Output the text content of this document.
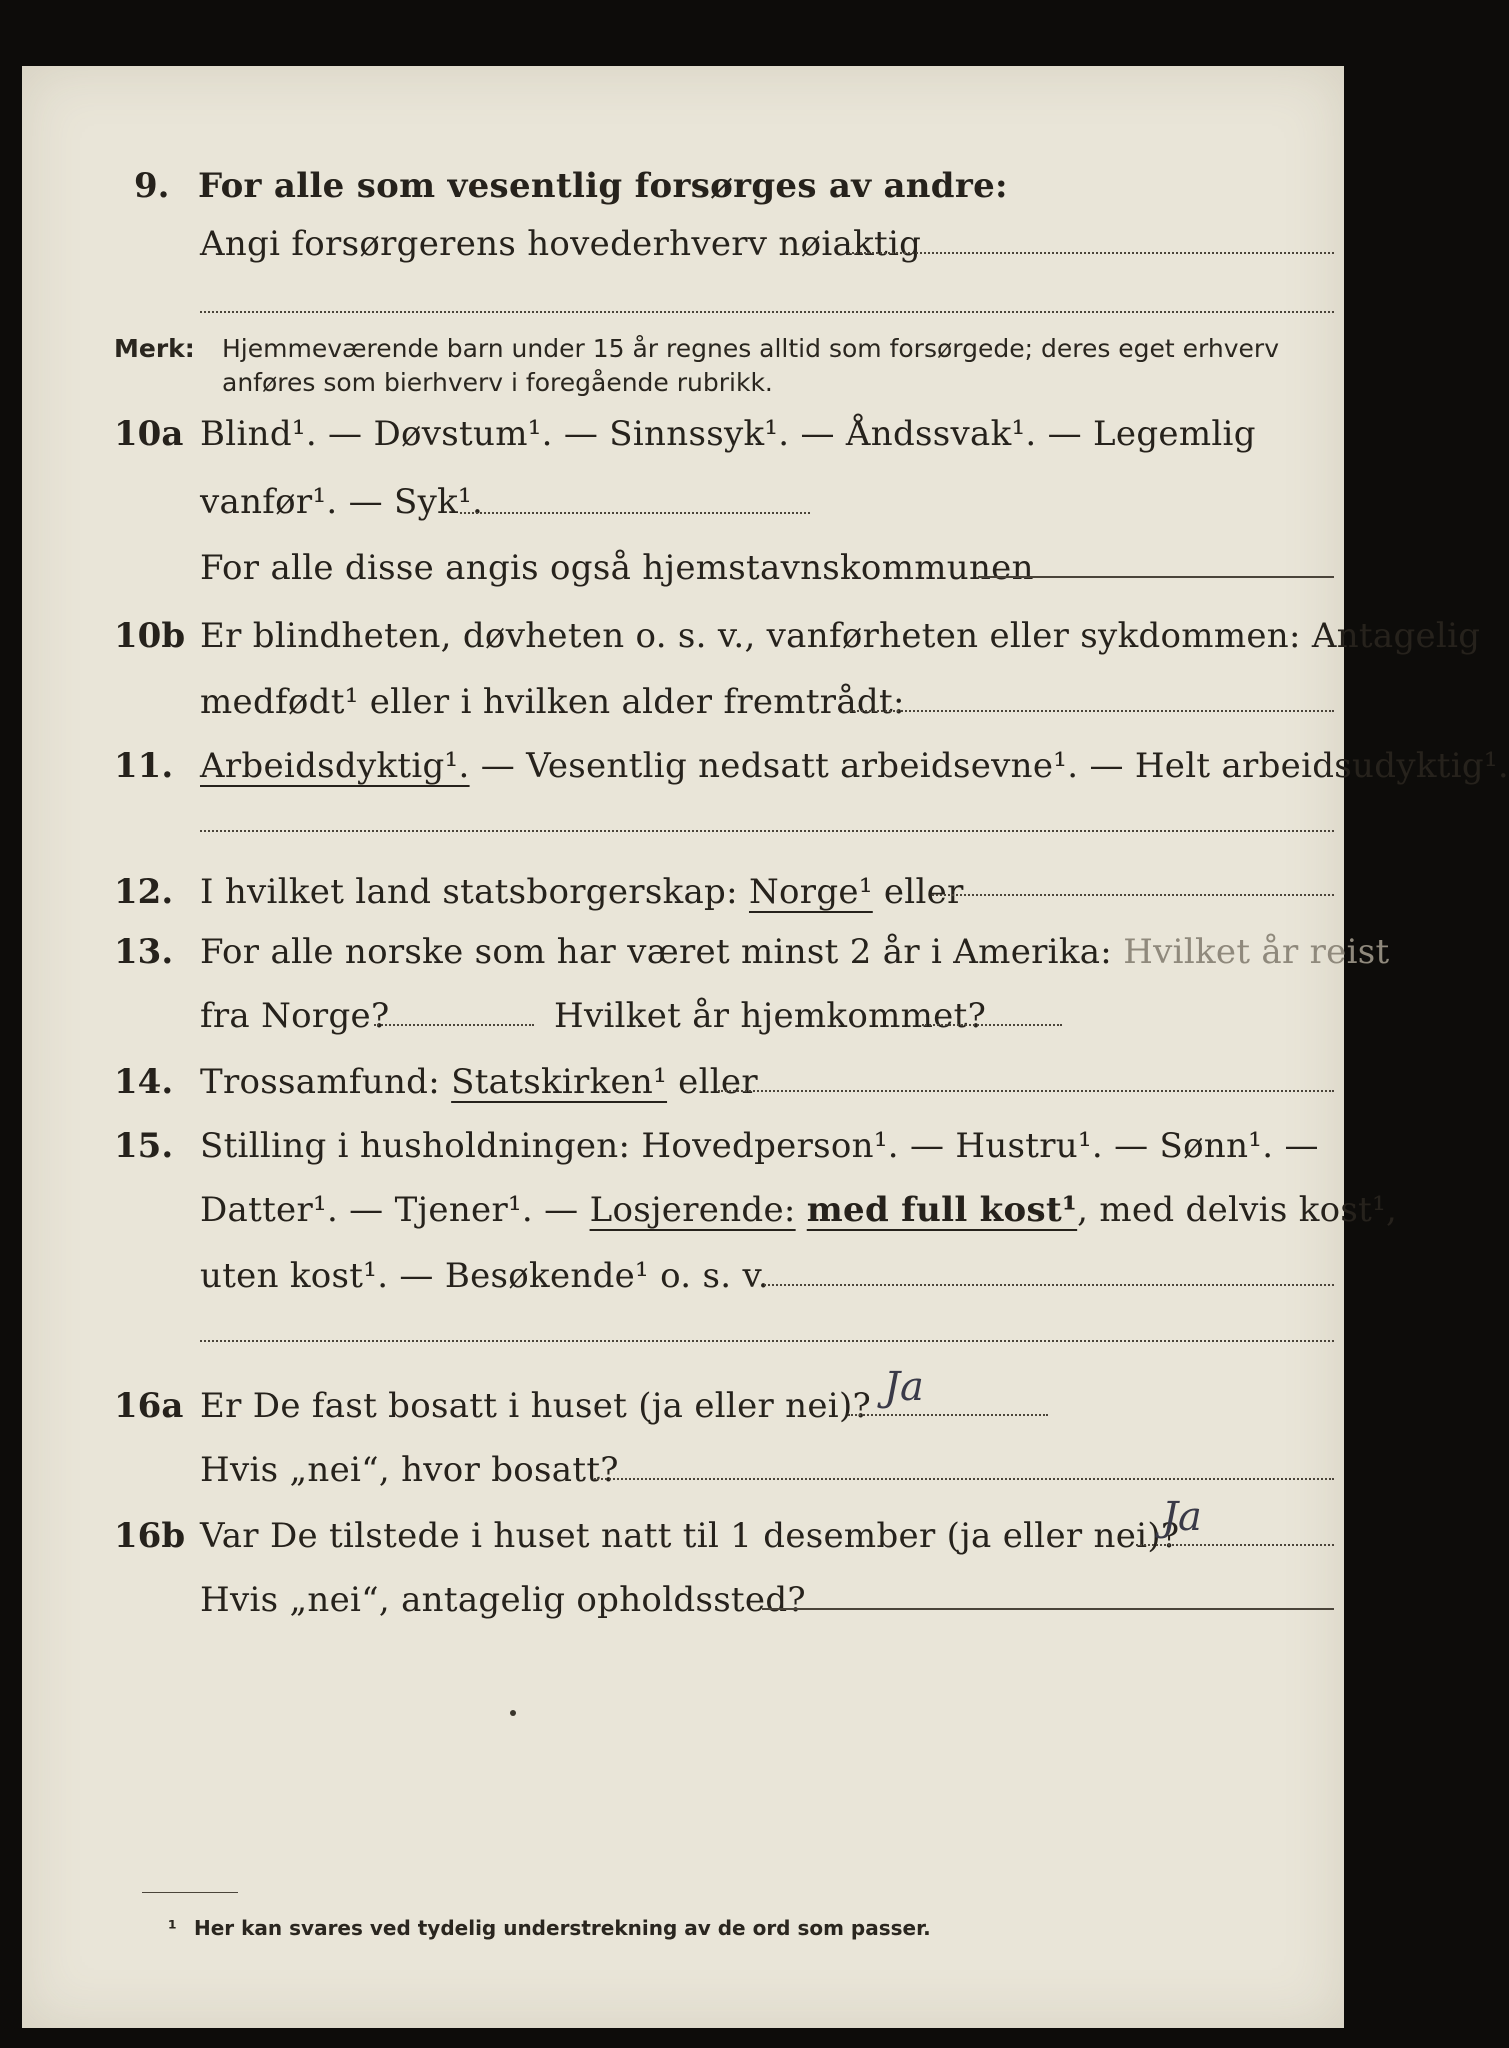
9. For alle som vesentlig forsørges av andre:
Angi forsørgerens hovederhverv nøiaktig
Merk: Hjemmeværende barn under 15 år regnes alltid som forsørgede; deres eget erhverv
anføres som bierhverv i foregående rubrikk.
10a Blind¹. — Døvstum¹. — Sinnssyk¹. — Åndssvak¹. — Legemlig
vanfør¹. — Syk¹.
For alle disse angis også hjemstavnskommunen
10b Er blindheten, døvheten o. s. v., vanførheten eller sykdommen: Antagelig
medfødt¹ eller i hvilken alder fremtrådt:
11. Arbeidsdyktig¹. — Vesentlig nedsatt arbeidsevne¹. — Helt arbeidsudyktig¹.
12. I hvilket land statsborgerskap: Norge¹ eller
13. For alle norske som har været minst 2 år i Amerika: Hvilket år reist
fra Norge?	Hvilket år hjemkommet?
14. Trossamfund: Statskirken¹ eller
15. Stilling i husholdningen: Hovedperson¹. — Hustru¹. — Sønn¹. —
Datter¹. — Tjener¹. — Losjerende: med full kost¹, med delvis kost¹,
uten kost¹. — Besøkende¹ o. s. v.
16a Er De fast bosatt i huset (ja eller nei)? Ja
Hvis „nei“, hvor bosatt?
16b Var De tilstede i huset natt til 1 desember (ja eller nei)?
Ja
Hvis „nei“, antagelig opholdssted?
¹ Her kan svares ved tydelig understrekning av de ord som passer.
